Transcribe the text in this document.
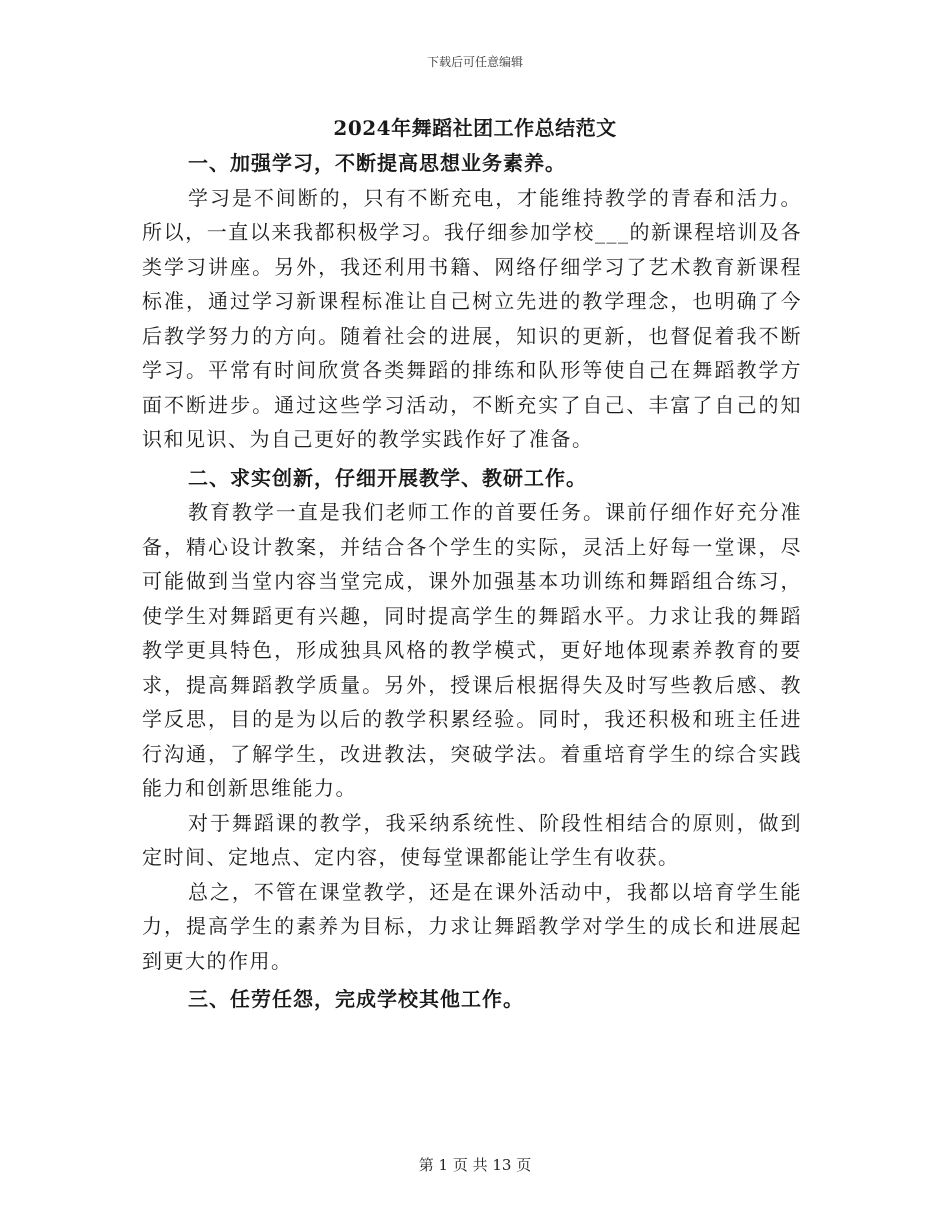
下载后可任意编辑
2024年舞蹈社团工作总结范文

一、加强学习，不断提高思想业务素养。

学习是不间断的，只有不断充电，才能维持教学的青春和活力。所以，一直以来我都积极学习。我仔细参加学校___的新课程培训及各类学习讲座。另外，我还利用书籍、网络仔细学习了艺术教育新课程标准，通过学习新课程标准让自己树立先进的教学理念，也明确了今后教学努力的方向。随着社会的进展，知识的更新，也督促着我不断学习。平常有时间欣赏各类舞蹈的排练和队形等使自己在舞蹈教学方面不断进步。通过这些学习活动，不断充实了自己、丰富了自己的知识和见识、为自己更好的教学实践作好了准备。

二、求实创新，仔细开展教学、教研工作。

教育教学一直是我们老师工作的首要任务。课前仔细作好充分准备，精心设计教案，并结合各个学生的实际，灵活上好每一堂课，尽可能做到当堂内容当堂完成，课外加强基本功训练和舞蹈组合练习，使学生对舞蹈更有兴趣，同时提高学生的舞蹈水平。力求让我的舞蹈教学更具特色，形成独具风格的教学模式，更好地体现素养教育的要求，提高舞蹈教学质量。另外，授课后根据得失及时写些教后感、教学反思，目的是为以后的教学积累经验。同时，我还积极和班主任进行沟通，了解学生，改进教法，突破学法。着重培育学生的综合实践能力和创新思维能力。

对于舞蹈课的教学，我采纳系统性、阶段性相结合的原则，做到定时间、定地点、定内容，使每堂课都能让学生有收获。

总之，不管在课堂教学，还是在课外活动中，我都以培育学生能力，提高学生的素养为目标，力求让舞蹈教学对学生的成长和进展起到更大的作用。

三、任劳任怨，完成学校其他工作。

第 1 页 共 13 页
